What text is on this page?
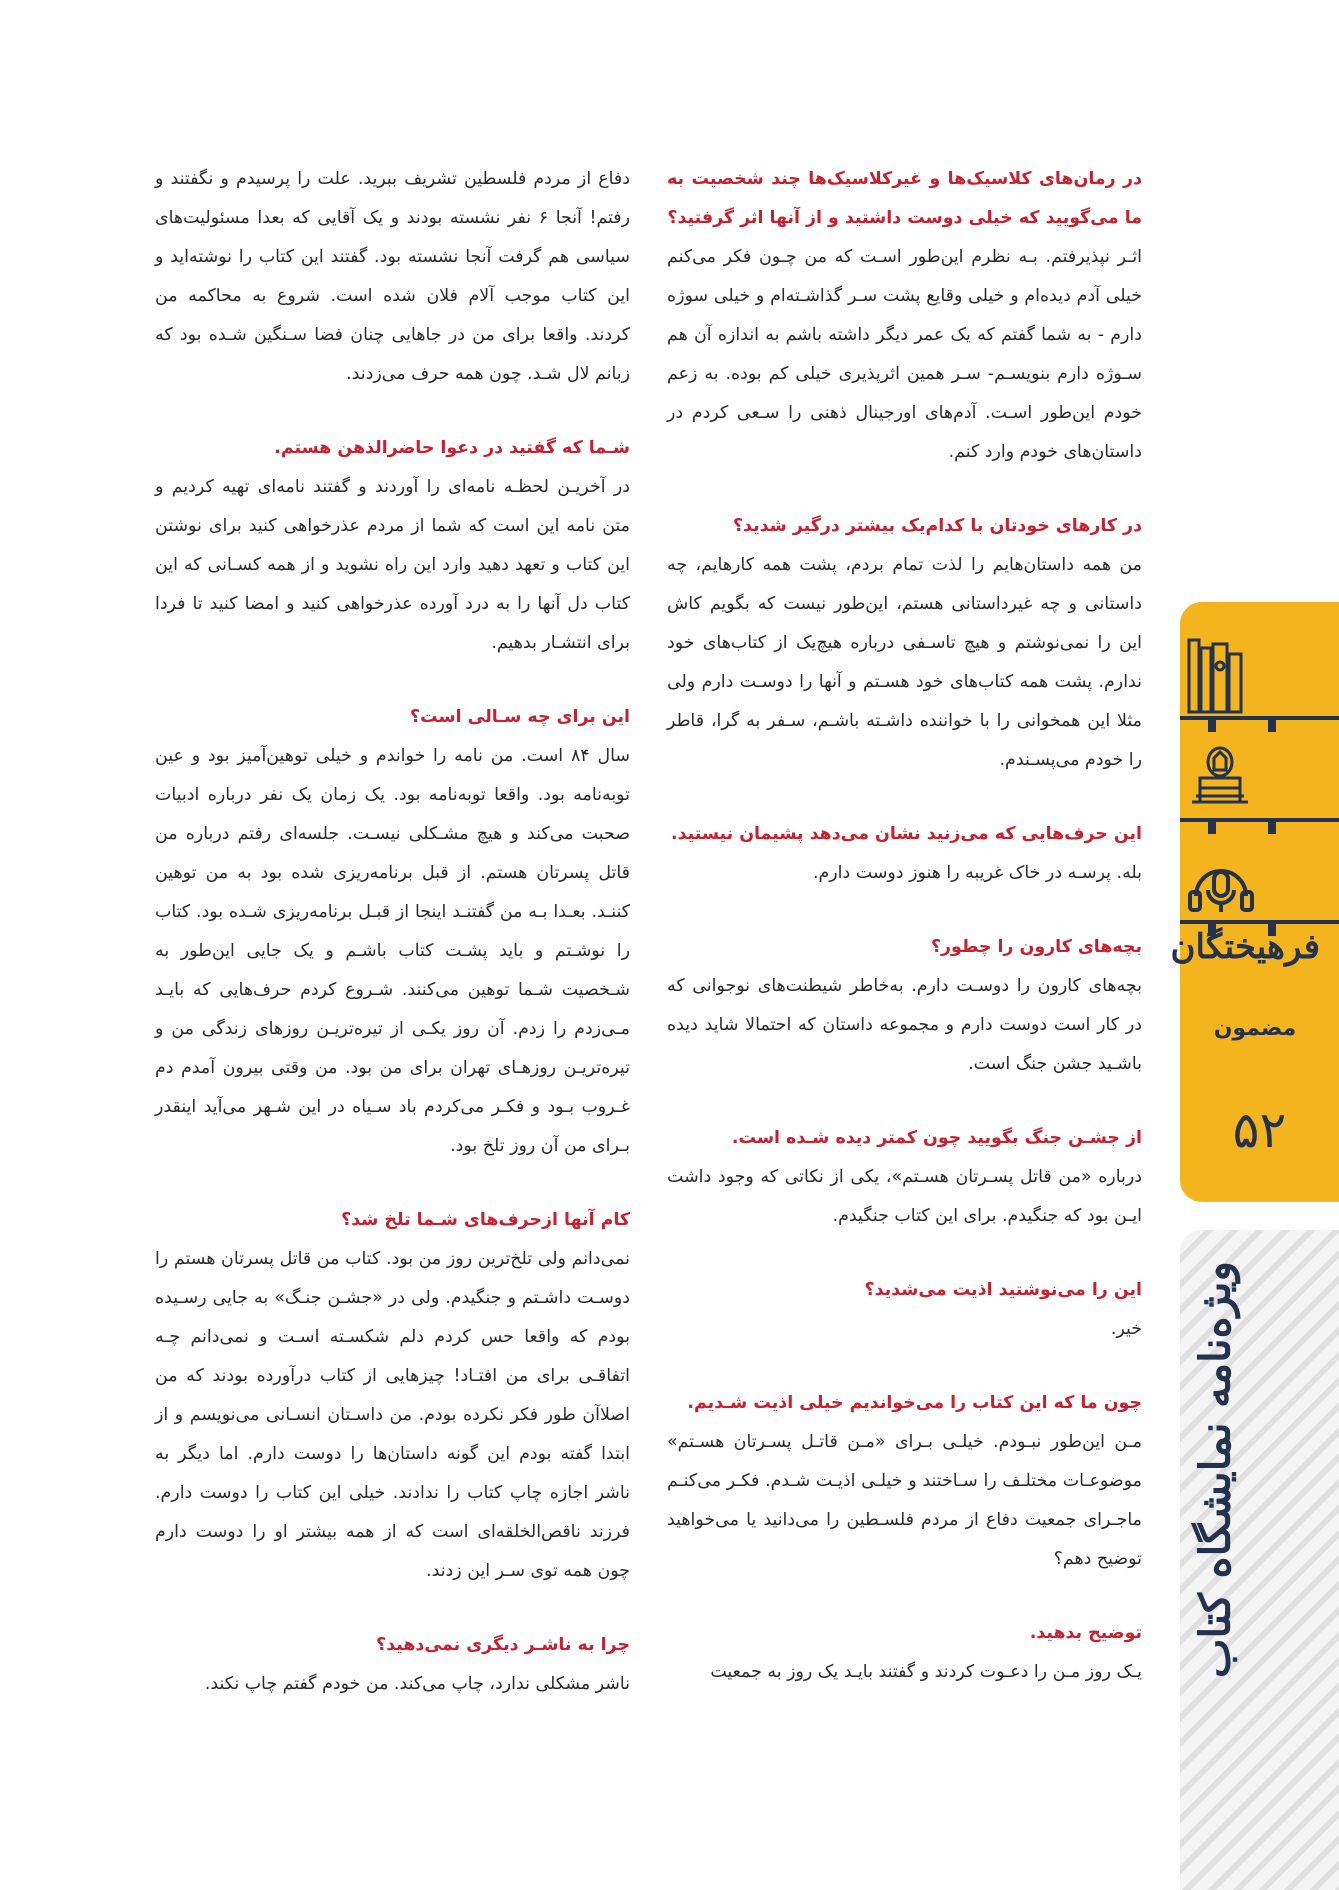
در رمان‌های کلاسیک‌ها و غیرکلاسیک‌ها چند شخصیت به ما می‌گویید که خیلی دوست داشتید و از آنها اثر گرفتید؟

اثـر نپذیرفتم. بـه نظرم این‌طور اسـت که من چـون فکر می‌کنم خیلی آدم دیده‌ام و خیلی وقایع پشت سـر گذاشـته‌ام و خیلی سوژه دارم - به شما گفتم که یک عمر دیگر داشته باشم به اندازه آن هم سـوژه دارم بنویسـم- سـر همین اثرپذیری خیلی کم بوده. به زعم خودم این‌طور اسـت. آدم‌های اورجینال ذهنی را سـعی کردم در داستان‌های خودم وارد کنم.

در کارهای خودتان با کدام‌یک بیشتر درگیر شدید؟

من همه داستان‌هایم را لذت تمام بردم، پشت همه کارهایم، چه داستانی و چه غیرداستانی هستم، این‌طور نیست که بگویم کاش این را نمی‌نوشتم و هیچ تاسـفی درباره هیچ‌یک از کتاب‌های خود ندارم. پشت همه کتاب‌های خود هسـتم و آنها را دوسـت دارم ولی مثلا این همخوانی را با خواننده داشـته باشـم، سـفر به گرا، قاطر را خودم می‌پسـندم.

این حرف‌هایی که می‌زنید نشان می‌دهد پشیمان نیستید.

بله. پرسـه در خاک غریبه را هنوز دوست دارم.

بچه‌های کارون را چطور؟

بچه‌های کارون را دوسـت دارم. به‌خاطر شیطنت‌های نوجوانی که در کار است دوست دارم و مجموعه داستان که احتمالا شاید دیده باشـید جشن جنگ است.

از جشـن جنگ بگویید چون کمتر دیده شـده است.

درباره «من قاتل پسـرتان هسـتم»، یکی از نکاتی که وجود داشت ایـن بود که جنگیدم. برای این کتاب جنگیدم.

این را می‌نوشتید اذیت می‌شدید؟

خیر.

چون ما که این کتاب را می‌خواندیم خیلی اذیت شـدیم.

مـن این‌طور نبـودم. خیلـی بـرای «مـن قاتـل پسـرتان هسـتم» موضوعـات مختلـف را سـاختند و خیلـی اذیـت شـدم. فکـر می‌کنـم ماجـرای جمعیت دفاع از مردم فلسـطین را می‌دانید یا می‌خواهید توضیح دهم؟

توضیح بدهید.

یـک روز مـن را دعـوت کردند و گفتند بایـد یک روز به جمعیت

دفاع از مردم فلسطین تشریف ببرید. علت را پرسیدم و نگفتند و رفتم! آنجا ۶ نفر نشسته بودند و یک آقایی که بعدا مسئولیت‌های سیاسی هم گرفت آنجا نشسته بود. گفتند این کتاب را نوشته‌اید و این کتاب موجب آلام فلان شده است. شروع به محاکمه من کردند. واقعا برای من در جاهایی چنان فضا سـنگین شـده بود که زبانم لال شـد. چون همه حرف می‌زدند.

شـما که گفتید در دعوا حاضرالذهن هستم.

در آخریـن لحظـه نامه‌ای را آوردند و گفتند نامه‌ای تهیه کردیم و متن نامه این است که شما از مردم عذرخواهی کنید برای نوشتن این کتاب و تعهد دهید وارد این راه نشوید و از همه کسـانی که این کتاب دل آنها را به درد آورده عذرخواهی کنید و امضا کنید تا فردا برای انتشـار بدهیم.

این برای چه سـالی است؟

سال ۸۴ است. من نامه را خواندم و خیلی توهین‌آمیز بود و عین توبه‌نامه بود. واقعا توبه‌نامه بود. یک زمان یک نفر درباره ادبیات صحبت می‌کند و هیچ مشـکلی نیسـت. جلسه‌ای رفتم درباره من قاتل پسرتان هستم. از قبل برنامه‌ریزی شده بود به من توهین کننـد. بعـدا بـه من گفتنـد اینجا از قبـل برنامه‌ریزی شـده بود. کتاب را نوشـتم و باید پشـت کتاب باشـم و یک جایی این‌طور به شـخصیت شـما توهین می‌کنند. شـروع کردم حرف‌هایی که بایـد مـی‌زدم را زدم. آن روز یکـی از تیره‌تریـن روزهای زندگی من و تیره‌تریـن روزهـای تهران برای من بود. من وقتی بیرون آمدم دم غـروب بـود و فکـر می‌کردم باد سـیاه در این شـهر می‌آید اینقدر بـرای من آن روز تلخ بود.

کام آنها ازحرف‌های شـما تلخ شد؟

نمی‌دانم ولی تلخ‌ترین روز من بود. کتاب من قاتل پسرتان هستم را دوسـت داشـتم و جنگیدم. ولی در «جشـن جنـگ» به جایی رسـیده بودم که واقعا حس کردم دلم شکسـته اسـت و نمی‌دانم چـه اتفاقـی برای من افتـاد! چیزهایی از کتاب درآورده بودند که من اصلاآن طور فکر نکرده بودم. من داسـتان انسـانی می‌نویسم و از ابتدا گفته بودم این گونه داستان‌ها را دوست دارم. اما دیگر به ناشر اجازه چاپ کتاب را ندادند. خیلی این کتاب را دوست دارم. فرزند ناقص‌الخلقه‌ای است که از همه بیشتر او را دوست دارم چون همه توی سـر این زدند.

چرا به ناشـر دیگری نمی‌دهید؟

ناشر مشکلی ندارد، چاپ می‌کند. من خودم گفتم چاپ نکند.

فرهیختگان
مضمون
۵۲
ویژه‌نامه نمایشگاه کتاب
